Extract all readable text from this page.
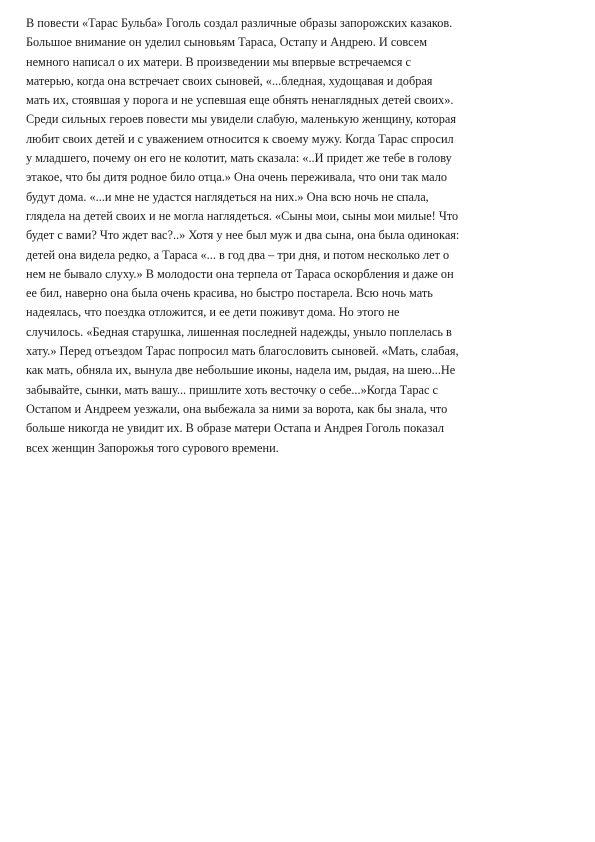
В повести «Тарас Бульба» Гоголь создал различные образы запорожских казаков.
Большое внимание он уделил сыновьям Тараса, Остапу и Андрею. И совсем
немного написал о их матери. В произведении мы впервые встречаемся с
матерью, когда она встречает своих сыновей, «...бледная, худощавая и добрая
мать их, стоявшая у порога и не успевшая еще обнять ненаглядных детей своих».
Среди сильных героев повести мы увидели слабую, маленькую женщину, которая
любит своих детей и с уважением относится к своему мужу. Когда Тарас спросил
у младшего, почему он его не колотит, мать сказала: «..И придет же тебе в голову
этакое, что бы дитя родное било отца.» Она очень переживала, что они так мало
будут дома. «...и мне не удастся наглядеться на них.» Она всю ночь не спала,
глядела на детей своих и не могла наглядеться. «Сыны мои, сыны мои милые! Что
будет с вами? Что ждет вас?..» Хотя у нее был муж и два сына, она была одинокая:
детей она видела редко, а Тараса «... в год два – три дня, и потом несколько лет о
нем не бывало слуху.» В молодости она терпела от Тараса оскорбления и даже он
ее бил, наверно она была очень красива, но быстро постарела. Всю ночь мать
надеялась, что поездка отложится, и ее дети поживут дома. Но этого не
случилось. «Бедная старушка, лишенная последней надежды, уныло поплелась в
хату.» Перед отъездом Тарас попросил мать благословить сыновей. «Мать, слабая,
как мать, обняла их, вынула две небольшие иконы, надела им, рыдая, на шею...Не
забывайте, сынки, мать вашу... пришлите хоть весточку о себе...»Когда Тарас с
Остапом и Андреем уезжали, она выбежала за ними за ворота, как бы знала, что
больше никогда не увидит их. В образе матери Остапа и Андрея Гоголь показал
всех женщин Запорожья того сурового времени.
